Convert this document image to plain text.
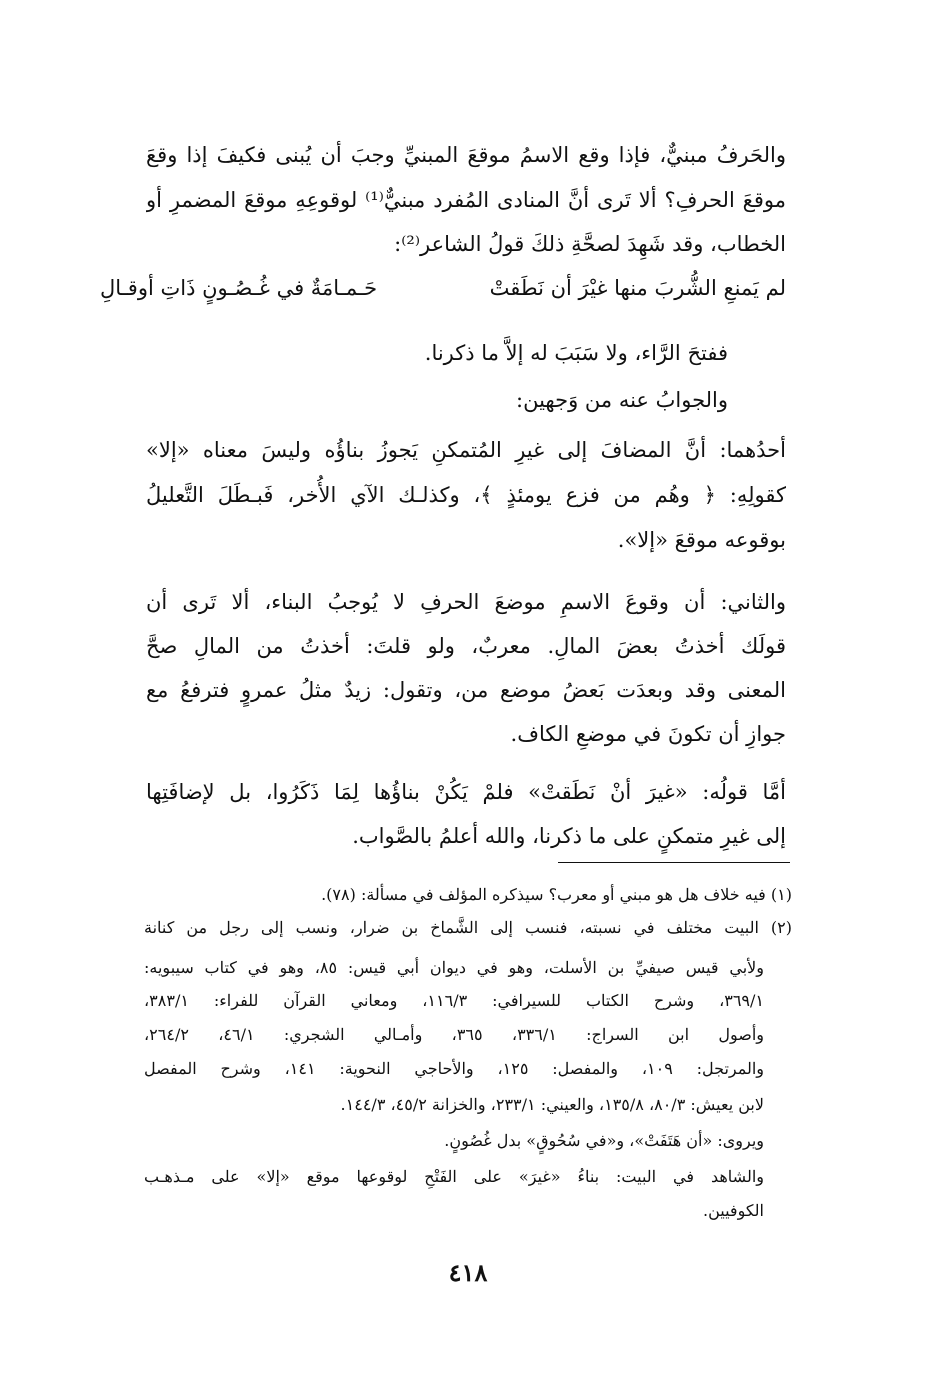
والحَرفُ مبنيٌّ، فإذا وقع الاسمُ موقعَ المبنيِّ وجبَ أن يُبنى فكيفَ إذا وقعَ
موقعَ الحرفِ؟ ألا تَرى أنَّ المنادى المُفرد مبنيٌّ⁽¹⁾ لوقوعِهِ موقعَ المضمرِ أو
الخطاب، وقد شَهِدَ لصحَّةِ ذلكَ قولُ الشاعر⁽²⁾:
لم يَمنعِ الشُّربَ منها غيْرَ أن نَطَقتْ
حَـمـامَةٌ في غُـصُـونٍ ذَاتِ أوقـالِ
ففتحَ الرَّاء، ولا سَبَبَ له إلاَّ ما ذكرنا.
والجوابُ عنه من وَجهين:
أحدُهما: أنَّ المضافَ إلى غيرِ المُتمكنِ يَجوزُ بناؤُه وليسَ معناه «إلا»
كقولِهِ: ﴿ وهُم من فزع يومئذٍ ﴾، وكذلـك الآي الأُخر، فَبـطَلَ التَّعليلُ
بوقوعه موقعَ «إلا».
والثاني: أن وقوعَ الاسمِ موضعَ الحرفِ لا يُوجبُ البناء، ألا تَرى أن
قولَك أخذتُ بعضَ المالِ. معربٌ، ولو قلتَ: أخذتُ من المالِ صحَّ
المعنى وقد وبعدَت بَعضُ موضع من، وتقول: زيدٌ مثلُ عمروٍ فترفعُ مع
جوازِ أن تكونَ في موضعِ الكاف.
أمَّا قولُه: «غيرَ أنْ نَطَقتْ» فلمْ يَكُنْ بناؤُها لِمَا ذَكَرُوا، بل لإضافَتِها
إلى غيرِ متمكنٍ على ما ذكرنا، والله أعلمُ بالصَّواب.
(١) فيه خلاف هل هو مبني أو معرب؟ سيذكره المؤلف في مسألة: (٧٨).
(٢) البيت مختلف في نسبته، فنسب إلى الشَّماخ بن ضرار، ونسب إلى رجل من كنانة
ولأبي قيس صيفيِّ بن الأسلت، وهو في ديوان أبي قيس: ٨٥، وهو في كتاب سيبويه:
٣٦٩/١، وشرح الكتاب للسيرافي: ١١٦/٣، ومعاني القرآن للفراء: ٣٨٣/١،
وأصول ابن السراج: ٣٣٦/١، ٣٦٥، وأمـالي الشجري: ٤٦/١، ٢٦٤/٢،
والمرتجل: ١٠٩، والمفصل: ١٢٥، والأحاجي النحوية: ١٤١، وشرح المفصل
لابن يعيش: ٨٠/٣، ١٣٥/٨، والعيني: ٢٣٣/١، والخزانة ٤٥/٢، ١٤٤/٣.
ويروى: «أن هَتَفَتْ»، و«في سُحُوقٍ» بدل غُصُونٍ.
والشاهد في البيت: بناءُ «غيرَ» على الفَتْحِ لوقوعها موقع «إلا» على مـذهـب
الكوفيين.
٤١٨
